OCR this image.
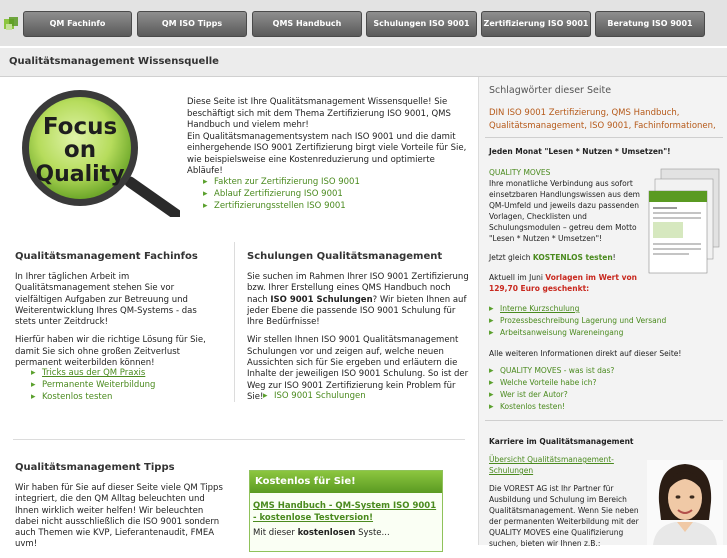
QM Fachinfo	QM ISO Tipps	QMS Handbuch	Schulungen ISO 9001	Zertifizierung ISO 9001	Beratung ISO 9001
Qualitätsmanagement Wissensquelle
Focus
on
Quality

Diese Seite ist Ihre Qualitätsmanagement Wissensquelle! Sie beschäftigt sich mit dem Thema Zertifizierung ISO 9001, QMS Handbuch und vielem mehr!

Ein Qualitätsmanagementsystem nach ISO 9001 und die damit einhergehende ISO 9001 Zertifizierung birgt viele Vorteile für Sie, wie beispielsweise eine Kostenreduzierung und optimierte Abläufe!

▸ Fakten zur Zertifizierung ISO 9001
▸ Ablauf Zertifizierung ISO 9001
▸ Zertifizierungsstellen ISO 9001
Qualitätsmanagement Fachinfos

In Ihrer täglichen Arbeit im Qualitätsmanagement stehen Sie vor vielfältigen Aufgaben zur Betreuung und Weiterentwicklung Ihres QM-Systems - das stets unter Zeitdruck!

Hierfür haben wir die richtige Lösung für Sie, damit Sie sich ohne großen Zeitverlust permanent weiterbilden können!

▸ Tricks aus der QM Praxis
▸ Permanente Weiterbildung
▸ Kostenlos testen
Schulungen Qualitätsmanagement

Sie suchen im Rahmen Ihrer ISO 9001 Zertifizierung bzw. Ihrer Erstellung eines QMS Handbuch noch nach ISO 9001 Schulungen? Wir bieten Ihnen auf jeder Ebene die passende ISO 9001 Schulung für Ihre Bedürfnisse!

Wir stellen Ihnen ISO 9001 Qualitätsmanagement Schulungen vor und zeigen auf, welche neuen Aussichten sich für Sie ergeben und erläutern die Inhalte der jeweiligen ISO 9001 Schulung. So ist der Weg zur ISO 9001 Zertifizierung kein Problem für Sie!

▸	ISO 9001 Schulungen
Qualitätsmanagement Tipps

Wir haben für Sie auf dieser Seite viele QM Tipps integriert, die den QM Alltag beleuchten und Ihnen wirklich weiter helfen! Wir beleuchten dabei nicht ausschließlich die ISO 9001 sondern auch Themen wie KVP, Lieferantenaudit, FMEA uvm!

Kostenlos für Sie!
QMS Handbuch - QM-System ISO 9001 - kostenlose Testversion!
Mit dieser kostenlosen Syste...
Schlagwörter dieser Seite
DIN ISO 9001 Zertifizierung, QMS Handbuch, Qualitätsmanagement, ISO 9001, Fachinformationen,
Jeden Monat "Lesen * Nutzen * Umsetzen"!
QUALITY MOVES
Ihre monatliche Verbindung aus sofort einsetzbaren Handlungswissen aus dem QM-Umfeld und jeweils dazu passenden Vorlagen, Checklisten und Schulungsmodulen – getreu dem Motto "Lesen * Nutzen * Umsetzen"!
Jetzt gleich KOSTENLOS testen!
Aktuell im Juni Vorlagen im Wert von 129,70 Euro geschenkt:
▸ Interne Kurzschulung
▸ Prozessbeschreibung Lagerung und Versand
▸ Arbeitsanweisung Wareneingang
Alle weiteren Informationen direkt auf dieser Seite!
▸ QUALITY MOVES - was ist das?
▸ Welche Vorteile habe ich?
▸ Wer ist der Autor?
▸ Kostenlos testen!
Karriere im Qualitätsmanagement
Übersicht Qualitätsmanagement-Schulungen
Die VOREST AG ist Ihr Partner für Ausbildung und Schulung im Bereich Qualitätsmanagement. Wenn Sie neben der permanenten Weiterbildung mit der QUALITY MOVES eine Qualifizierung suchen, bieten wir Ihnen z.B.:
